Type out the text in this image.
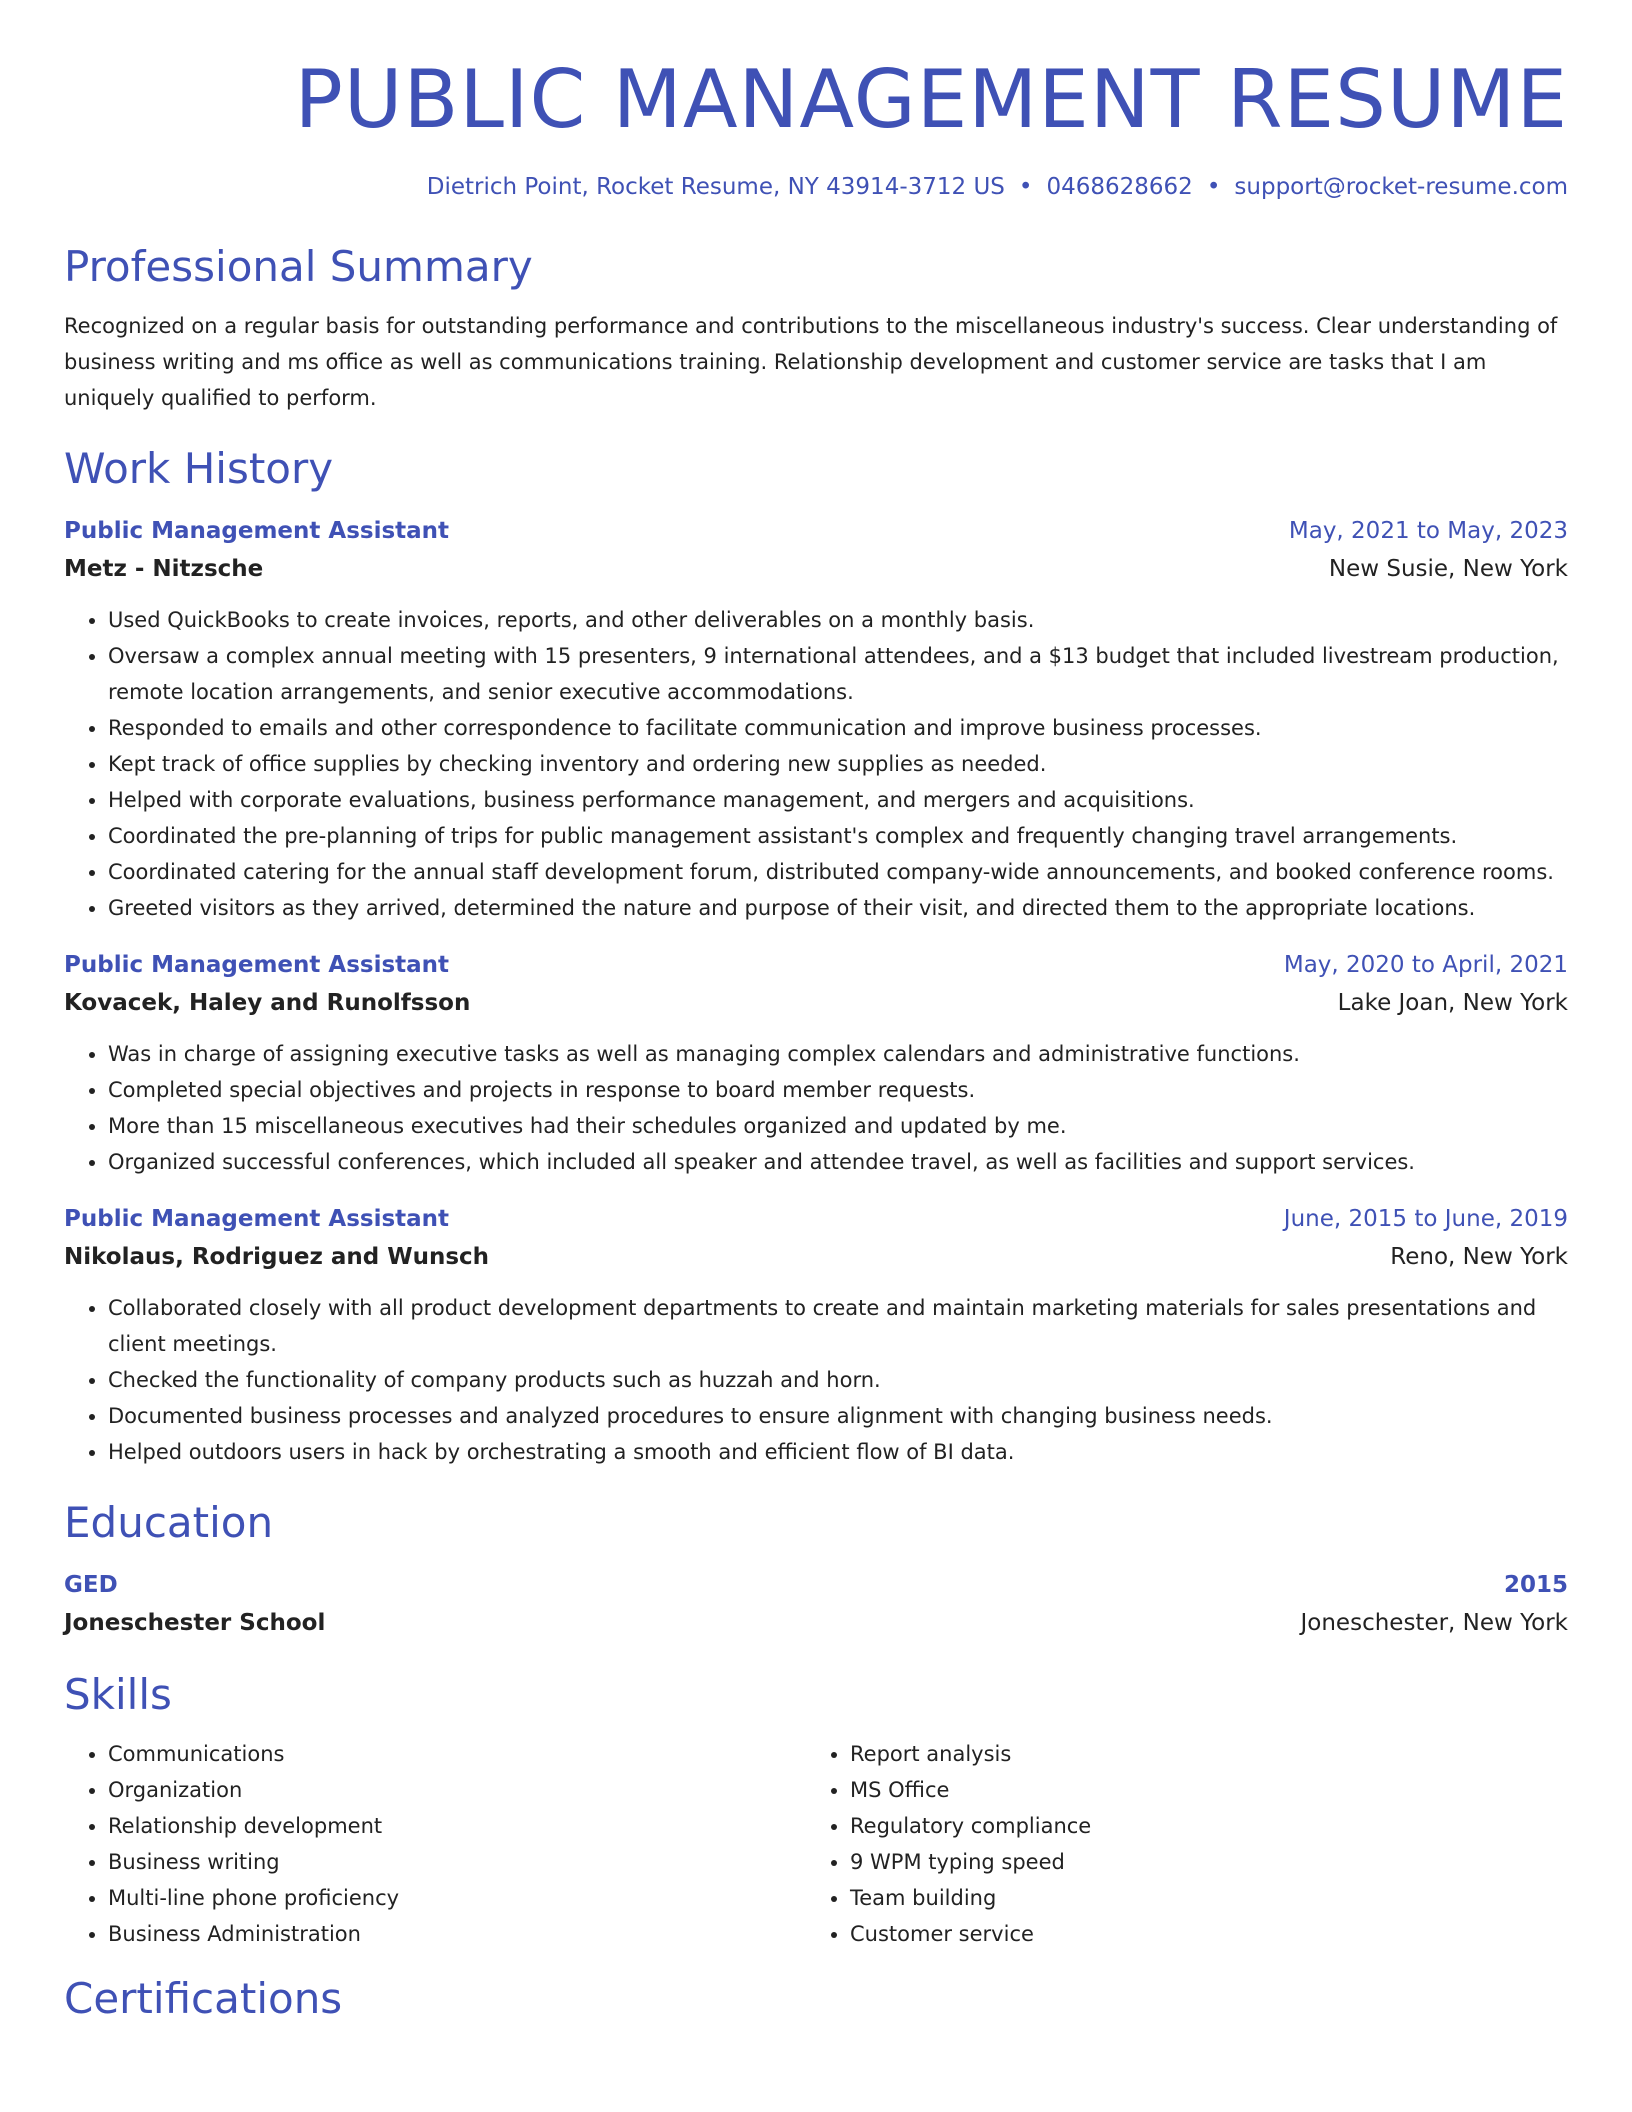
PUBLIC MANAGEMENT RESUME
Dietrich Point, Rocket Resume, NY 43914-3712 US • 0468628662 • support@rocket-resume.com
Professional Summary
Recognized on a regular basis for outstanding performance and contributions to the miscellaneous industry's success. Clear understanding of business writing and ms office as well as communications training. Relationship development and customer service are tasks that I am uniquely qualified to perform.
Work History
Public Management Assistant	May, 2021 to May, 2023
Metz - Nitzsche	New Susie, New York
• Used QuickBooks to create invoices, reports, and other deliverables on a monthly basis.
• Oversaw a complex annual meeting with 15 presenters, 9 international attendees, and a $13 budget that included livestream production, remote location arrangements, and senior executive accommodations.
• Responded to emails and other correspondence to facilitate communication and improve business processes.
• Kept track of office supplies by checking inventory and ordering new supplies as needed.
• Helped with corporate evaluations, business performance management, and mergers and acquisitions.
• Coordinated the pre-planning of trips for public management assistant's complex and frequently changing travel arrangements.
• Coordinated catering for the annual staff development forum, distributed company-wide announcements, and booked conference rooms.
• Greeted visitors as they arrived, determined the nature and purpose of their visit, and directed them to the appropriate locations.
Public Management Assistant	May, 2020 to April, 2021
Kovacek, Haley and Runolfsson	Lake Joan, New York
• Was in charge of assigning executive tasks as well as managing complex calendars and administrative functions.
• Completed special objectives and projects in response to board member requests.
• More than 15 miscellaneous executives had their schedules organized and updated by me.
• Organized successful conferences, which included all speaker and attendee travel, as well as facilities and support services.
Public Management Assistant	June, 2015 to June, 2019
Nikolaus, Rodriguez and Wunsch	Reno, New York
• Collaborated closely with all product development departments to create and maintain marketing materials for sales presentations and client meetings.
• Checked the functionality of company products such as huzzah and horn.
• Documented business processes and analyzed procedures to ensure alignment with changing business needs.
• Helped outdoors users in hack by orchestrating a smooth and efficient flow of BI data.
Education
GED	2015
Joneschester School	Joneschester, New York
Skills
• Communications
• Organization
• Relationship development
• Business writing
• Multi-line phone proficiency
• Business Administration
• Report analysis
• MS Office
• Regulatory compliance
• 9 WPM typing speed
• Team building
• Customer service
Certifications
